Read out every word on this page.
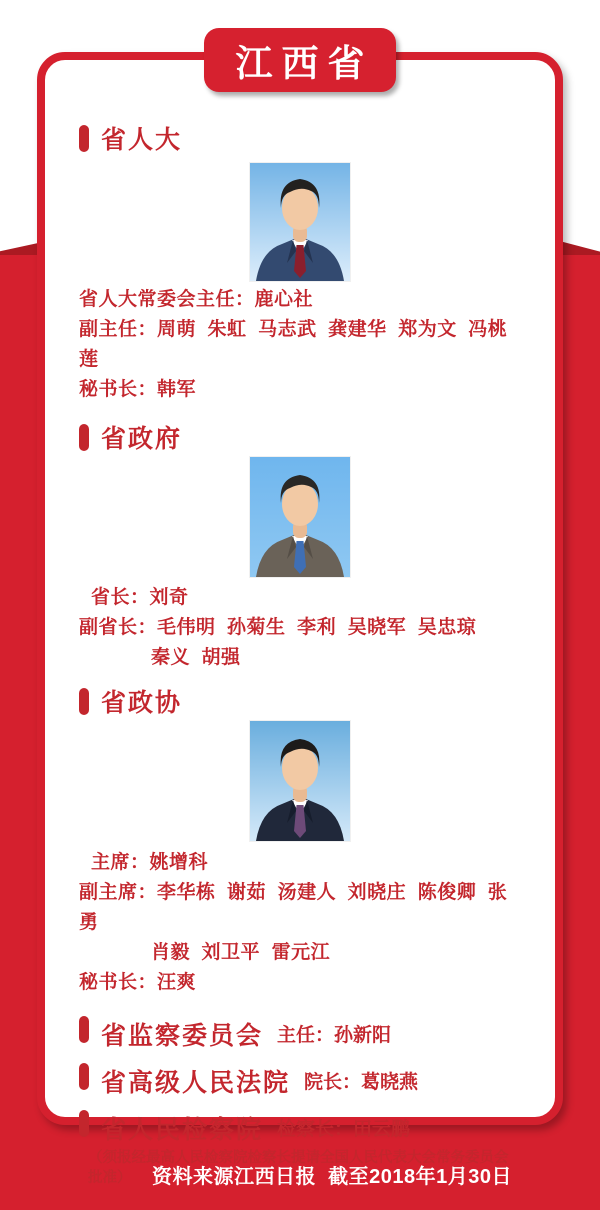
省人大
省人大常委会主任：鹿心社
副主任：周萌  朱虹  马志武  龚建华  郑为文  冯桃莲
秘书长：韩军
省政府
省长：刘奇
副省长：毛伟明  孙菊生  李利  吴晓军  吴忠琼
秦义  胡强
省政协
主席：姚增科
副主席：李华栋  谢茹  汤建人  刘晓庄  陈俊卿  张勇
肖毅  刘卫平  雷元江
秘书长：汪爽
省监察委员会 主任：孙新阳
省高级人民法院 院长：葛晓燕
省人民检察院 检察长：田云鹏
（须报经最高人民检察院检察长提请全国人民代表大会常务委员会批准）
江西省
资料来源江西日报  截至2018年1月30日
